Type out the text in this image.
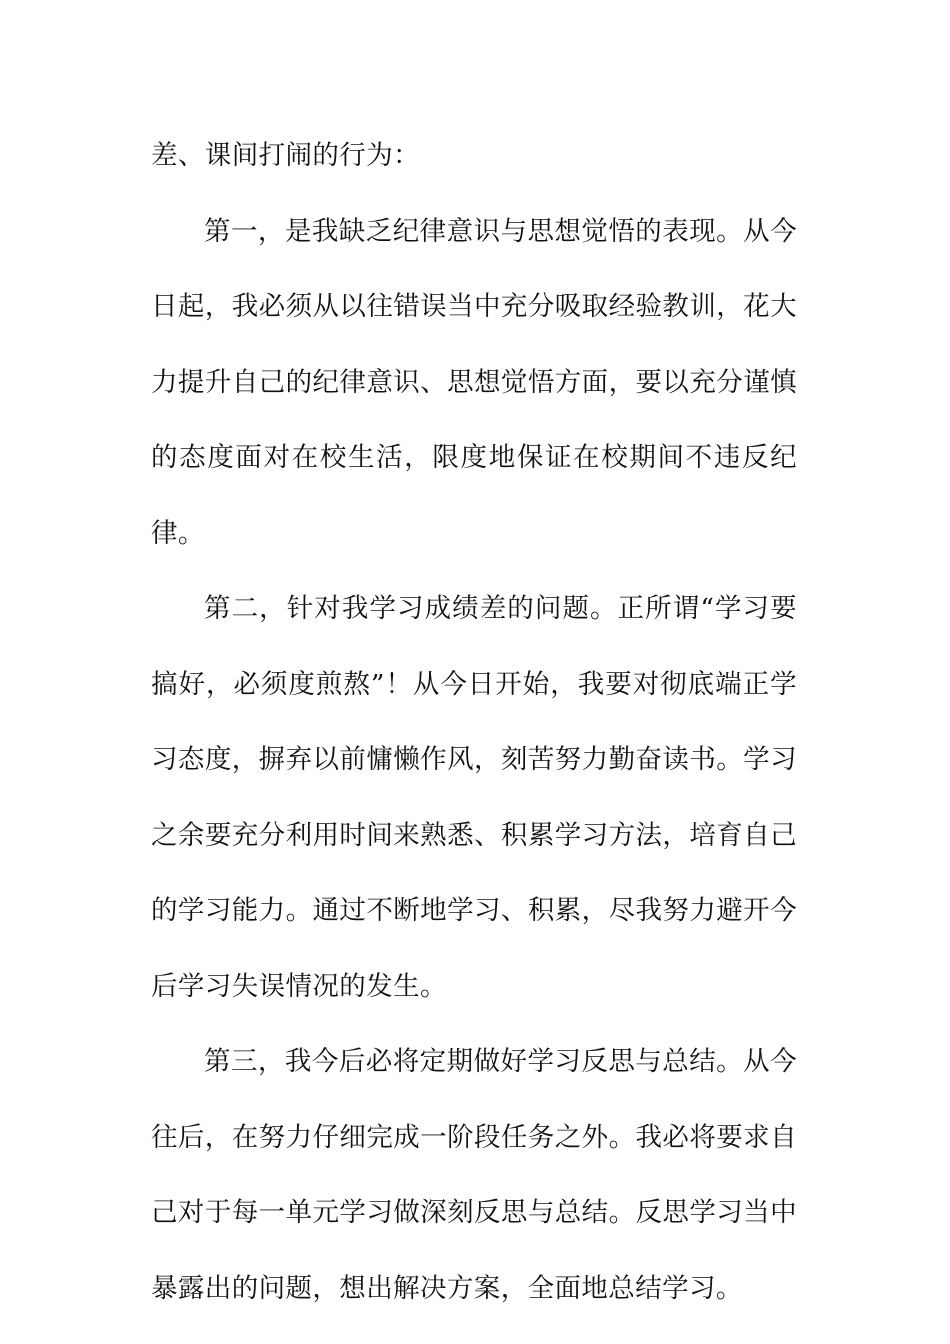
差、课间打闹的行为：

第一，是我缺乏纪律意识与思想觉悟的表现。从今日起，我必须从以往错误当中充分吸取经验教训，花大力提升自己的纪律意识、思想觉悟方面，要以充分谨慎的态度面对在校生活，限度地保证在校期间不违反纪律。

第二，针对我学习成绩差的问题。正所谓“学习要搞好，必须度煎熬”！从今日开始，我要对彻底端正学习态度，摒弃以前慵懒作风，刻苦努力勤奋读书。学习之余要充分利用时间来熟悉、积累学习方法，培育自己的学习能力。通过不断地学习、积累，尽我努力避开今后学习失误情况的发生。

第三，我今后必将定期做好学习反思与总结。从今往后，在努力仔细完成一阶段任务之外。我必将要求自己对于每一单元学习做深刻反思与总结。反思学习当中暴露出的问题，想出解决方案，全面地总结学习。
